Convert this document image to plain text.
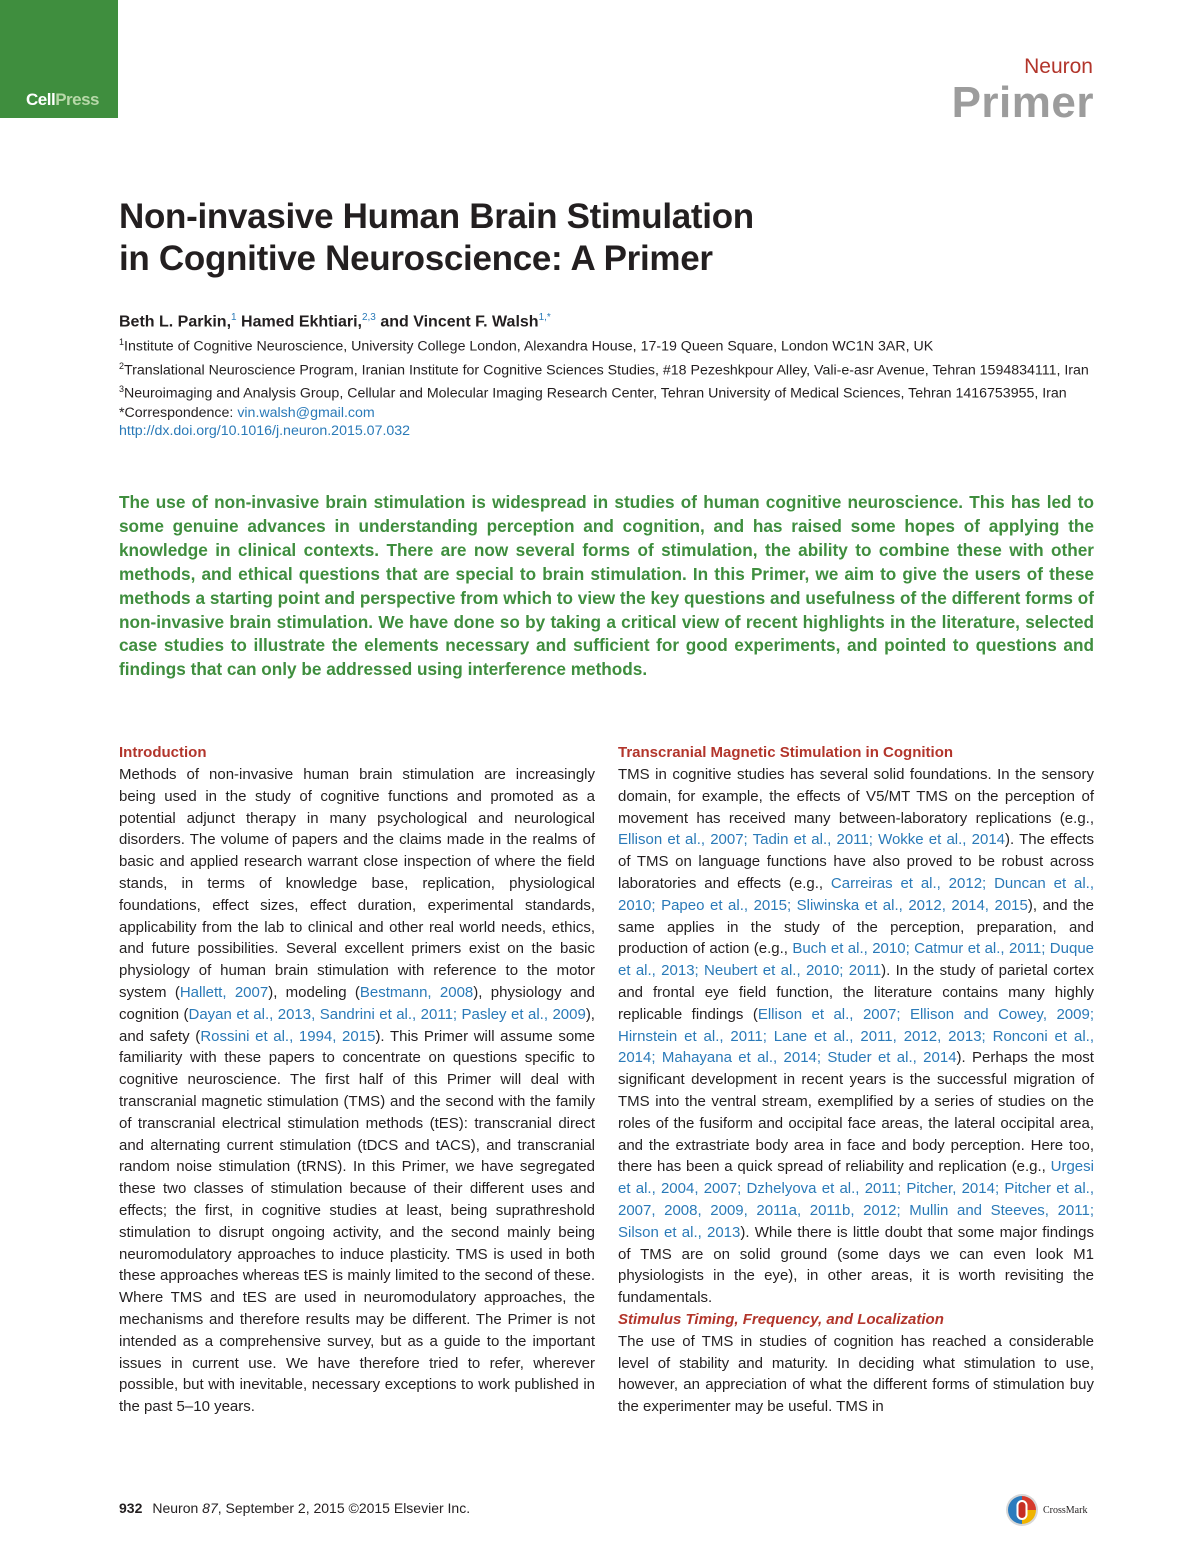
CellPress
Neuron
Primer
Non-invasive Human Brain Stimulation
in Cognitive Neuroscience: A Primer
Beth L. Parkin,$^1$ Hamed Ekhtiari,$^{2,3}$ and Vincent F. Walsh$^{1,*}$
$^1$Institute of Cognitive Neuroscience, University College London, Alexandra House, 17-19 Queen Square, London WC1N 3AR, UK
$^2$Translational Neuroscience Program, Iranian Institute for Cognitive Sciences Studies, #18 Pezeshkpour Alley, Vali-e-asr Avenue, Tehran 1594834111, Iran
$^3$Neuroimaging and Analysis Group, Cellular and Molecular Imaging Research Center, Tehran University of Medical Sciences, Tehran 1416753955, Iran
*Correspondence: vin.walsh@gmail.com
http://dx.doi.org/10.1016/j.neuron.2015.07.032

The use of non-invasive brain stimulation is widespread in studies of human cognitive neuroscience. This has led to some genuine advances in understanding perception and cognition, and has raised some hopes of applying the knowledge in clinical contexts. There are now several forms of stimulation, the ability to combine these with other methods, and ethical questions that are special to brain stimulation. In this Primer, we aim to give the users of these methods a starting point and perspective from which to view the key questions and usefulness of the different forms of non-invasive brain stimulation. We have done so by taking a critical view of recent highlights in the literature, selected case studies to illustrate the elements necessary and sufficient for good experiments, and pointed to questions and findings that can only be addressed using interference methods.

Introduction

Methods of non-invasive human brain stimulation are increasingly being used in the study of cognitive functions and promoted as a potential adjunct therapy in many psychological and neurological disorders. The volume of papers and the claims made in the realms of basic and applied research warrant close inspection of where the field stands, in terms of knowledge base, replication, physiological foundations, effect sizes, effect duration, experimental standards, applicability from the lab to clinical and other real world needs, ethics, and future possibilities. Several excellent primers exist on the basic physiology of human brain stimulation with reference to the motor system (Hallett, 2007), modeling (Bestmann, 2008), physiology and cognition (Dayan et al., 2013, Sandrini et al., 2011; Pasley et al., 2009), and safety (Rossini et al., 1994, 2015). This Primer will assume some familiarity with these papers to concentrate on questions specific to cognitive neuroscience. The first half of this Primer will deal with transcranial magnetic stimulation (TMS) and the second with the family of transcranial electrical stimulation methods (tES): transcranial direct and alternating current stimulation (tDCS and tACS), and transcranial random noise stimulation (tRNS). In this Primer, we have segregated these two classes of stimulation because of their different uses and effects; the first, in cognitive studies at least, being suprathreshold stimulation to disrupt ongoing activity, and the second mainly being neuromodulatory approaches to induce plasticity. TMS is used in both these approaches whereas tES is mainly limited to the second of these. Where TMS and tES are used in neuromodulatory approaches, the mechanisms and therefore results may be different. The Primer is not intended as a comprehensive survey, but as a guide to the important issues in current use. We have therefore tried to refer, wherever possible, but with inevitable, necessary exceptions to work published in the past 5–10 years.

Transcranial Magnetic Stimulation in Cognition

TMS in cognitive studies has several solid foundations. In the sensory domain, for example, the effects of V5/MT TMS on the perception of movement has received many between-laboratory replications (e.g., Ellison et al., 2007; Tadin et al., 2011; Wokke et al., 2014). The effects of TMS on language functions have also proved to be robust across laboratories and effects (e.g., Carreiras et al., 2012; Duncan et al., 2010; Papeo et al., 2015; Sliwinska et al., 2012, 2014, 2015), and the same applies in the study of the perception, preparation, and production of action (e.g., Buch et al., 2010; Catmur et al., 2011; Duque et al., 2013; Neubert et al., 2010; 2011). In the study of parietal cortex and frontal eye field function, the literature contains many highly replicable findings (Ellison et al., 2007; Ellison and Cowey, 2009; Hirnstein et al., 2011; Lane et al., 2011, 2012, 2013; Ronconi et al., 2014; Mahayana et al., 2014; Studer et al., 2014). Perhaps the most significant development in recent years is the successful migration of TMS into the ventral stream, exemplified by a series of studies on the roles of the fusiform and occipital face areas, the lateral occipital area, and the extrastriate body area in face and body perception. Here too, there has been a quick spread of reliability and replication (e.g., Urgesi et al., 2004, 2007; Dzhelyova et al., 2011; Pitcher, 2014; Pitcher et al., 2007, 2008, 2009, 2011a, 2011b, 2012; Mullin and Steeves, 2011; Silson et al., 2013). While there is little doubt that some major findings of TMS are on solid ground (some days we can even look M1 physiologists in the eye), in other areas, it is worth revisiting the fundamentals.

Stimulus Timing, Frequency, and Localization

The use of TMS in studies of cognition has reached a considerable level of stability and maturity. In deciding what stimulation to use, however, an appreciation of what the different forms of stimulation buy the experimenter may be useful. TMS in

932 Neuron 87, September 2, 2015 ©2015 Elsevier Inc.	CrossMark
